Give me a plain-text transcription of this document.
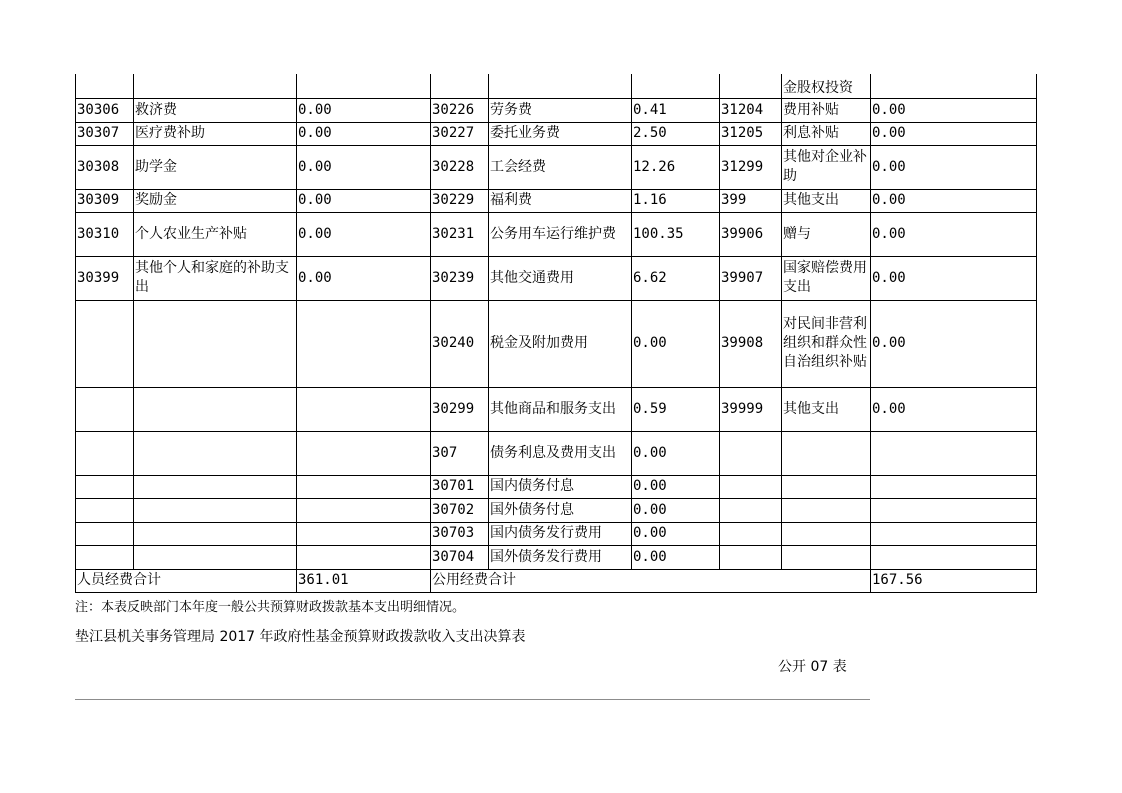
							金股权投资	
30306	救济费	0.00	30226	劳务费	0.41	31204	费用补贴	0.00
30307	医疗费补助	0.00	30227	委托业务费	2.50	31205	利息补贴	0.00
30308	助学金	0.00	30228	工会经费	12.26	31299	其他对企业补助	0.00
30309	奖励金	0.00	30229	福利费	1.16	399	其他支出	0.00
30310	个人农业生产补贴	0.00	30231	公务用车运行维护费	100.35	39906	赠与	0.00
30399	其他个人和家庭的补助支出	0.00	30239	其他交通费用	6.62	39907	国家赔偿费用支出	0.00
			30240	税金及附加费用	0.00	39908	对民间非营利组织和群众性自治组织补贴	0.00
			30299	其他商品和服务支出	0.59	39999	其他支出	0.00
			307	债务利息及费用支出	0.00			
			30701	国内债务付息	0.00			
			30702	国外债务付息	0.00			
			30703	国内债务发行费用	0.00			
			30704	国外债务发行费用	0.00			
人员经费合计		361.01	公用经费合计					167.56
注：本表反映部门本年度一般公共预算财政拨款基本支出明细情况。
垫江县机关事务管理局 2017 年政府性基金预算财政拨款收入支出决算表
公开 07 表
